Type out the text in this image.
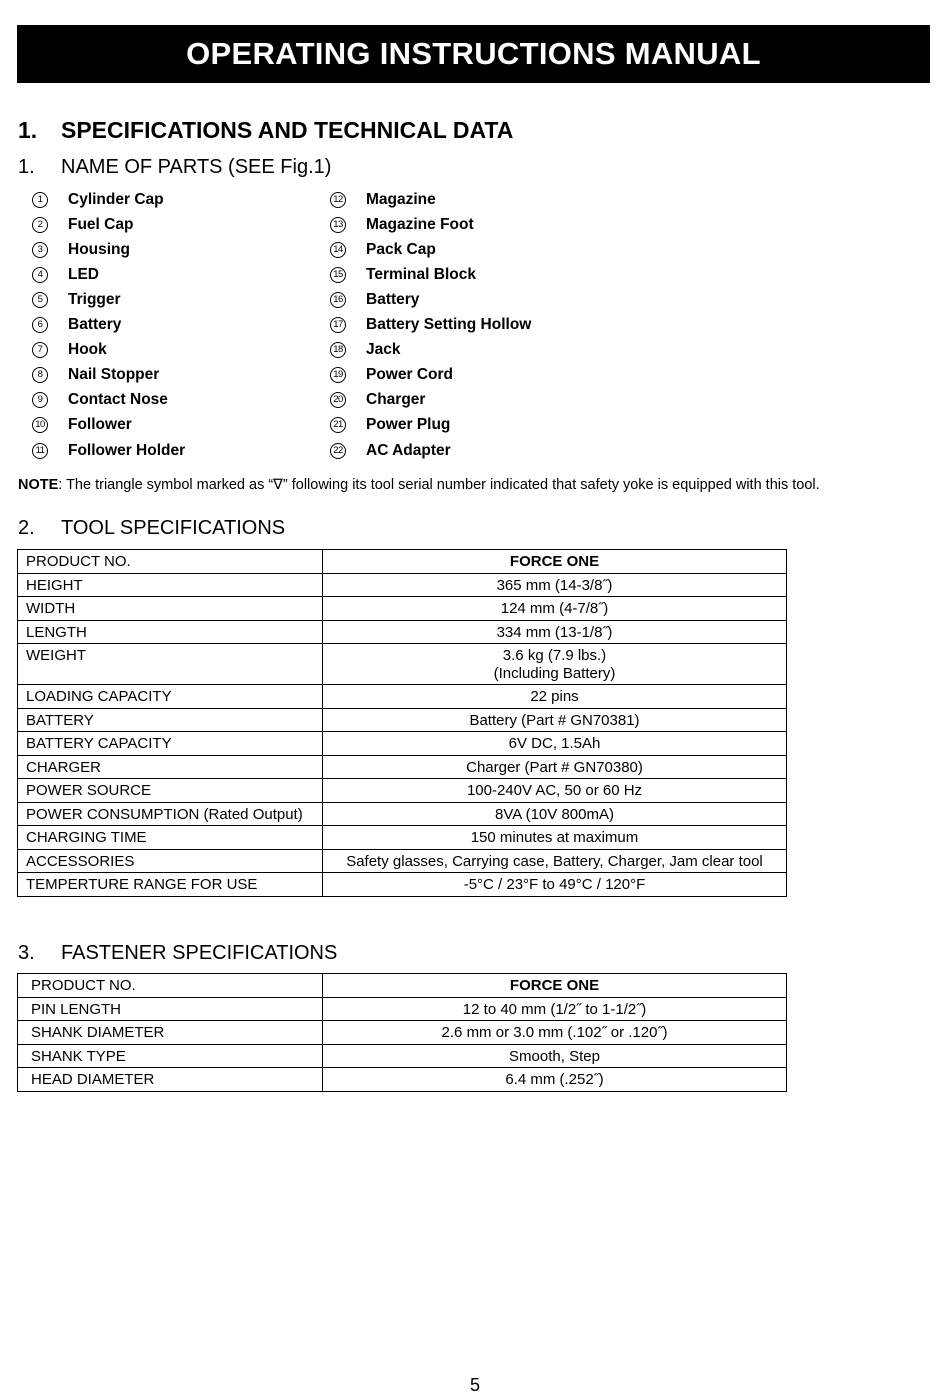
OPERATING INSTRUCTIONS MANUAL
1.	SPECIFICATIONS AND TECHNICAL DATA
1.	NAME OF PARTS (SEE Fig.1)
1	Cylinder Cap
2	Fuel Cap
3	Housing
4	LED
5	Trigger
6	Battery
7	Hook
8	Nail Stopper
9	Contact Nose
10 Follower
11 Follower Holder
12 Magazine
13 Magazine Foot
14 Pack Cap
15 Terminal Block
16 Battery
17 Battery Setting Hollow
18 Jack
19 Power Cord
20 Charger
21 Power Plug
22 AC Adapter
NOTE: The triangle symbol marked as “∇” following its tool serial number indicated that safety yoke is equipped with this tool.
2.	TOOL SPECIFICATIONS
PRODUCT NO.	FORCE ONE

HEIGHT	365 mm (14-3/8˝)

WIDTH	124 mm (4-7/8˝)

LENGTH	334 mm (13-1/8˝)

WEIGHT	3.6 kg (7.9 lbs.)
(Including Battery)

LOADING CAPACITY	22 pins

BATTERY	Battery (Part # GN70381)

BATTERY CAPACITY	6V DC, 1.5Ah

CHARGER	Charger (Part # GN70380)

POWER SOURCE	100-240V AC, 50 or 60 Hz

POWER CONSUMPTION (Rated Output)	8VA (10V 800mA)

CHARGING TIME	150 minutes at maximum

ACCESSORIES	Safety glasses, Carrying case, Battery, Charger, Jam clear tool

TEMPERTURE RANGE FOR USE	-5°C / 23°F to 49°C / 120°F
3.	FASTENER SPECIFICATIONS
PRODUCT NO.	FORCE ONE

PIN LENGTH	12 to 40 mm (1/2˝ to 1-1/2˝)

SHANK DIAMETER	2.6 mm or 3.0 mm (.102˝ or .120˝)

SHANK TYPE	Smooth, Step

HEAD DIAMETER	6.4 mm (.252˝)
5
